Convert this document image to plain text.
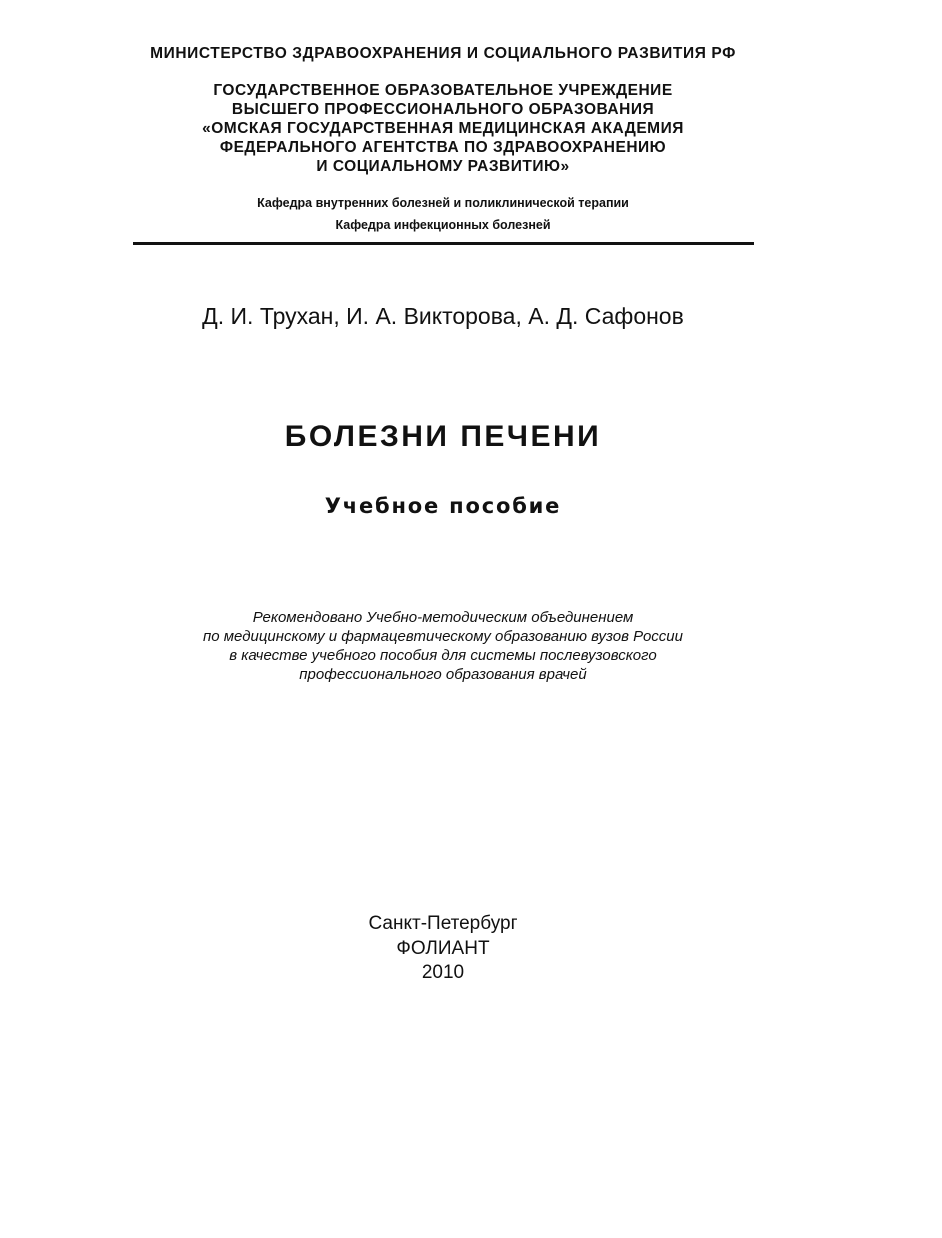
МИНИСТЕРСТВО ЗДРАВООХРАНЕНИЯ И СОЦИАЛЬНОГО РАЗВИТИЯ РФ
ГОСУДАРСТВЕННОЕ ОБРАЗОВАТЕЛЬНОЕ УЧРЕЖДЕНИЕ
ВЫСШЕГО ПРОФЕССИОНАЛЬНОГО ОБРАЗОВАНИЯ
«ОМСКАЯ ГОСУДАРСТВЕННАЯ МЕДИЦИНСКАЯ АКАДЕМИЯ
ФЕДЕРАЛЬНОГО АГЕНТСТВА ПО ЗДРАВООХРАНЕНИЮ
И СОЦИАЛЬНОМУ РАЗВИТИЮ»
Кафедра внутренних болезней и поликлинической терапии
Кафедра инфекционных болезней
Д. И. Трухан, И. А. Викторова, А. Д. Сафонов
БОЛЕЗНИ ПЕЧЕНИ
Учебное пособие
Рекомендовано Учебно-методическим объединением
по медицинскому и фармацевтическому образованию вузов России
в качестве учебного пособия для системы послевузовского
профессионального образования врачей
Санкт-Петербург
ФОЛИАНТ
2010
